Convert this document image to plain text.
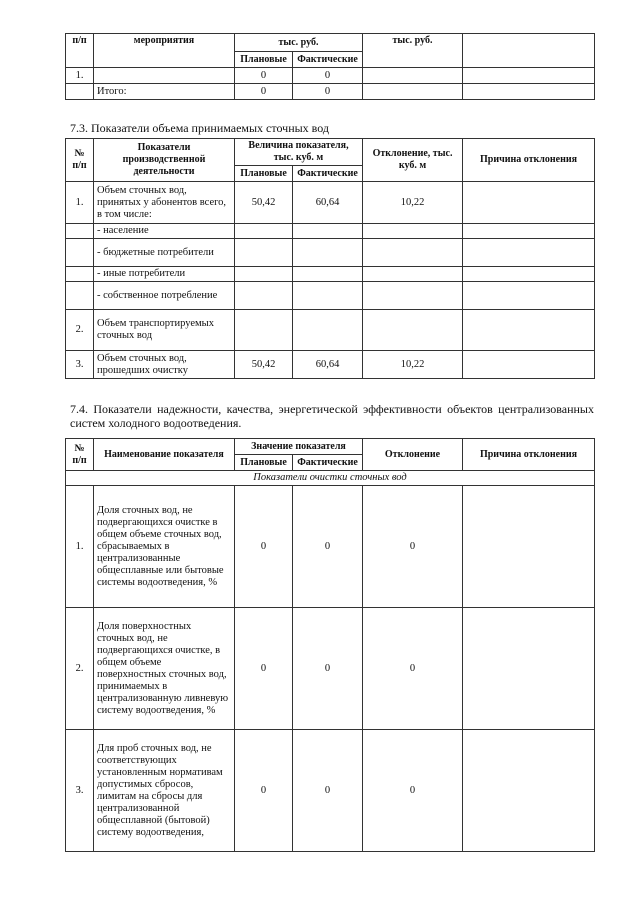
п/п	мероприятия	тыс. руб.		тыс. руб.	
		Плановые	Фактические		
1.		0	0		
	Итого:	0	0		
7.3. Показатели объема принимаемых сточных вод
№ п/п	Показатели производственной деятельности	Величина показателя, тыс. куб. м		Отклонение, тыс. куб. м	Причина отклонения
		Плановые	Фактические		
1.	Объем сточных вод, принятых у абонентов всего, в том числе:	50,42	60,64	10,22	
	- население				
	- бюджетные потребители				
	- иные потребители				
	- собственное потребление				
2.	Объем транспортируемых сточных вод				
3.	Объем сточных вод, прошедших очистку	50,42	60,64	10,22	
7.4. Показатели надежности, качества, энергетической эффективности объектов централизованных систем холодного водоотведения.
№ п/п	Наименование показателя	Значение показателя		Отклонение	Причина отклонения
		Плановые	Фактические		
Показатели очистки сточных вод					
1.	Доля сточных вод, не подвергающихся очистке в общем объеме сточных вод, сбрасываемых в централизованные общесплавные или бытовые системы водоотведения, %	0	0	0	
2.	Доля поверхностных сточных вод, не подвергающихся очистке, в общем объеме поверхностных сточных вод, принимаемых в централизованную ливневую систему водоотведения, %	0	0	0	
3.	Для проб сточных вод, не соответствующих установленным нормативам допустимых сбросов, лимитам на сбросы для централизованной общесплавной (бытовой) систему водоотведения,	0	0	0	
